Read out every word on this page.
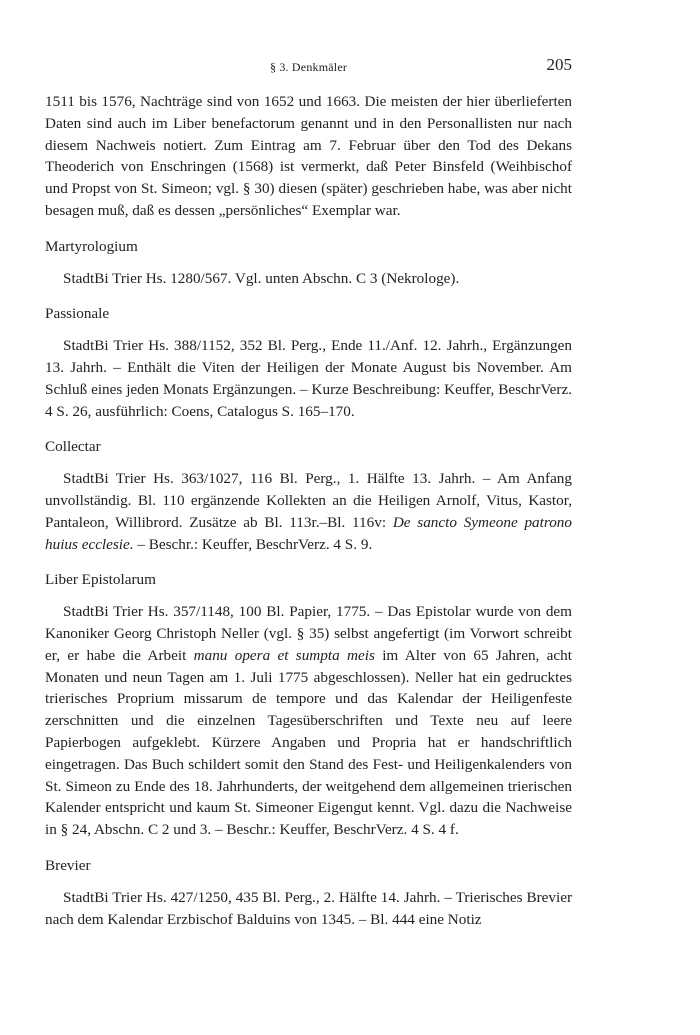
§ 3. Denkmäler	205

1511 bis 1576, Nachträge sind von 1652 und 1663. Die meisten der hier überlieferten Daten sind auch im Liber benefactorum genannt und in den Personallisten nur nach diesem Nachweis notiert. Zum Eintrag am 7. Februar über den Tod des Dekans Theoderich von Enschringen (1568) ist vermerkt, daß Peter Binsfeld (Weihbischof und Propst von St. Simeon; vgl. § 30) diesen (später) geschrieben habe, was aber nicht besagen muß, daß es dessen „persönliches“ Exemplar war.

Martyrologium

StadtBi Trier Hs. 1280/567. Vgl. unten Abschn. C 3 (Nekrologe).

Passionale

StadtBi Trier Hs. 388/1152, 352 Bl. Perg., Ende 11./Anf. 12. Jahrh., Ergänzungen 13. Jahrh. – Enthält die Viten der Heiligen der Monate August bis November. Am Schluß eines jeden Monats Ergänzungen. – Kurze Beschreibung: Keuffer, BeschrVerz. 4 S. 26, ausführlich: Coens, Catalogus S. 165–170.

Collectar

StadtBi Trier Hs. 363/1027, 116 Bl. Perg., 1. Hälfte 13. Jahrh. – Am Anfang unvollständig. Bl. 110 ergänzende Kollekten an die Heiligen Arnolf, Vitus, Kastor, Pantaleon, Willibrord. Zusätze ab Bl. 113r.–Bl. 116v: De sancto Symeone patrono huius ecclesie. – Beschr.: Keuffer, BeschrVerz. 4 S. 9.

Liber Epistolarum

StadtBi Trier Hs. 357/1148, 100 Bl. Papier, 1775. – Das Epistolar wurde von dem Kanoniker Georg Christoph Neller (vgl. § 35) selbst angefertigt (im Vorwort schreibt er, er habe die Arbeit manu opera et sumpta meis im Alter von 65 Jahren, acht Monaten und neun Tagen am 1. Juli 1775 abgeschlossen). Neller hat ein gedrucktes trierisches Proprium missarum de tempore und das Kalendar der Heiligenfeste zerschnitten und die einzelnen Tagesüberschriften und Texte neu auf leere Papierbogen aufgeklebt. Kürzere Angaben und Propria hat er handschriftlich eingetragen. Das Buch schildert somit den Stand des Fest- und Heiligenkalenders von St. Simeon zu Ende des 18. Jahrhunderts, der weitgehend dem allgemeinen trierischen Kalender entspricht und kaum St. Simeoner Eigengut kennt. Vgl. dazu die Nachweise in § 24, Abschn. C 2 und 3. – Beschr.: Keuffer, BeschrVerz. 4 S. 4 f.

Brevier

StadtBi Trier Hs. 427/1250, 435 Bl. Perg., 2. Hälfte 14. Jahrh. – Trierisches Brevier nach dem Kalendar Erzbischof Balduins von 1345. – Bl. 444 eine Notiz
